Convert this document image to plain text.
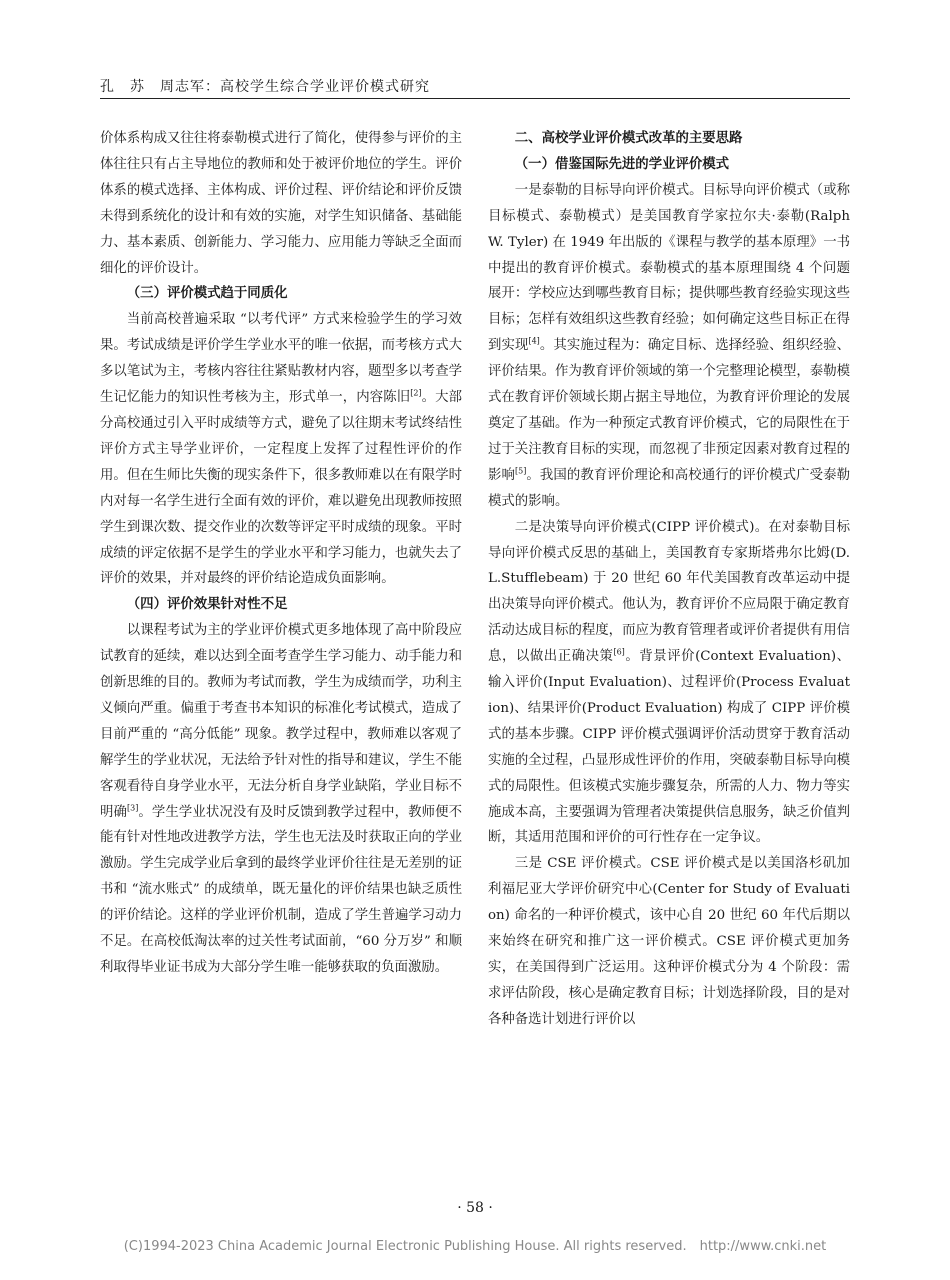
孔　苏　周志军：高校学生综合学业评价模式研究

价体系构成又往往将泰勒模式进行了简化，使得参与评价的主体往往只有占主导地位的教师和处于被评价地位的学生。评价体系的模式选择、主体构成、评价过程、评价结论和评价反馈未得到系统化的设计和有效的实施，对学生知识储备、基础能力、基本素质、创新能力、学习能力、应用能力等缺乏全面而细化的评价设计。

（三）评价模式趋于同质化

当前高校普遍采取 “以考代评” 方式来检验学生的学习效果。考试成绩是评价学生学业水平的唯一依据，而考核方式大多以笔试为主，考核内容往往紧贴教材内容，题型多以考查学生记忆能力的知识性考核为主，形式单一，内容陈旧[2]。大部分高校通过引入平时成绩等方式，避免了以往期末考试终结性评价方式主导学业评价，一定程度上发挥了过程性评价的作用。但在生师比失衡的现实条件下，很多教师难以在有限学时内对每一名学生进行全面有效的评价，难以避免出现教师按照学生到课次数、提交作业的次数等评定平时成绩的现象。平时成绩的评定依据不是学生的学业水平和学习能力，也就失去了评价的效果，并对最终的评价结论造成负面影响。

（四）评价效果针对性不足

以课程考试为主的学业评价模式更多地体现了高中阶段应试教育的延续，难以达到全面考查学生学习能力、动手能力和创新思维的目的。教师为考试而教，学生为成绩而学，功利主义倾向严重。偏重于考查书本知识的标准化考试模式，造成了目前严重的 “高分低能” 现象。教学过程中，教师难以客观了解学生的学业状况，无法给予针对性的指导和建议，学生不能客观看待自身学业水平，无法分析自身学业缺陷，学业目标不明确[3]。学生学业状况没有及时反馈到教学过程中，教师便不能有针对性地改进教学方法，学生也无法及时获取正向的学业激励。学生完成学业后拿到的最终学业评价往往是无差别的证书和 “流水账式” 的成绩单，既无量化的评价结果也缺乏质性的评价结论。这样的学业评价机制，造成了学生普遍学习动力不足。在高校低淘汰率的过关性考试面前，“60 分万岁” 和顺利取得毕业证书成为大部分学生唯一能够获取的负面激励。

二、高校学业评价模式改革的主要思路

（一）借鉴国际先进的学业评价模式

一是泰勒的目标导向评价模式。目标导向评价模式（或称目标模式、泰勒模式）是美国教育学家拉尔夫·泰勒(Ralph W. Tyler) 在 1949 年出版的《课程与教学的基本原理》一书中提出的教育评价模式。泰勒模式的基本原理围绕 4 个问题展开：学校应达到哪些教育目标；提供哪些教育经验实现这些目标；怎样有效组织这些教育经验；如何确定这些目标正在得到实现[4]。其实施过程为：确定目标、选择经验、组织经验、评价结果。作为教育评价领域的第一个完整理论模型，泰勒模式在教育评价领域长期占据主导地位，为教育评价理论的发展奠定了基础。作为一种预定式教育评价模式，它的局限性在于过于关注教育目标的实现，而忽视了非预定因素对教育过程的影响[5]。我国的教育评价理论和高校通行的评价模式广受泰勒模式的影响。

二是决策导向评价模式(CIPP 评价模式)。在对泰勒目标导向评价模式反思的基础上，美国教育专家斯塔弗尔比姆(D.L.Stufflebeam) 于 20 世纪 60 年代美国教育改革运动中提出决策导向评价模式。他认为，教育评价不应局限于确定教育活动达成目标的程度，而应为教育管理者或评价者提供有用信息，以做出正确决策[6]。背景评价(Context Evaluation)、输入评价(Input Evaluation)、过程评价(Process Evaluation)、结果评价(Product Evaluation) 构成了 CIPP 评价模式的基本步骤。CIPP 评价模式强调评价活动贯穿于教育活动实施的全过程，凸显形成性评价的作用，突破泰勒目标导向模式的局限性。但该模式实施步骤复杂，所需的人力、物力等实施成本高，主要强调为管理者决策提供信息服务，缺乏价值判断，其适用范围和评价的可行性存在一定争议。

三是 CSE 评价模式。CSE 评价模式是以美国洛杉矶加利福尼亚大学评价研究中心(Center for Study of Evaluation) 命名的一种评价模式，该中心自 20 世纪 60 年代后期以来始终在研究和推广这一评价模式。CSE 评价模式更加务实，在美国得到广泛运用。这种评价模式分为 4 个阶段：需求评估阶段，核心是确定教育目标；计划选择阶段，目的是对各种备选计划进行评价以

· 58 ·
(C)1994-2023 China Academic Journal Electronic Publishing House. All rights reserved.　http://www.cnki.net
